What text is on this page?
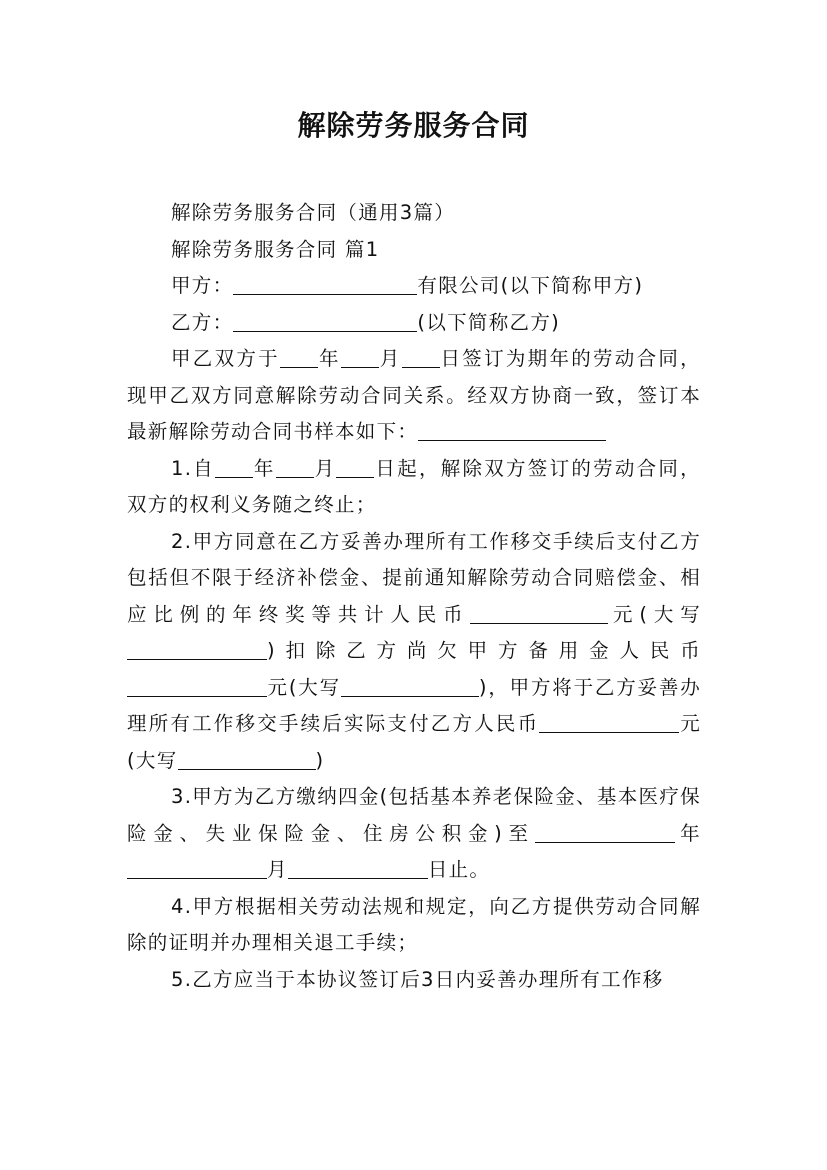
解除劳务服务合同

解除劳务服务合同（通用3篇）

解除劳务服务合同 篇1

甲方：	有限公司(以下简称甲方)

乙方：	(以下简称乙方)

甲乙双方于 年 月 日签订为期年的劳动合同，现甲乙双方同意解除劳动合同关系。经双方协商一致，签订本最新解除劳动合同书样本如下：

1.自 年 月 日起，解除双方签订的劳动合同，双方的权利义务随之终止；

2.甲方同意在乙方妥善办理所有工作移交手续后支付乙方包括但不限于经济补偿金、提前通知解除劳动合同赔偿金、相应比例的年终奖等共计人民币	元(大写)扣除乙方尚欠甲方备用金人民币元(大写	)，甲方将于乙方妥善办理所有工作移交手续后实际支付乙方人民币	元(大写	)

3.甲方为乙方缴纳四金(包括基本养老保险金、基本医疗保险金、失业保险金、住房公积金)至	年月	日止。

4.甲方根据相关劳动法规和规定，向乙方提供劳动合同解除的证明并办理相关退工手续；

5.乙方应当于本协议签订后3日内妥善办理所有工作移
